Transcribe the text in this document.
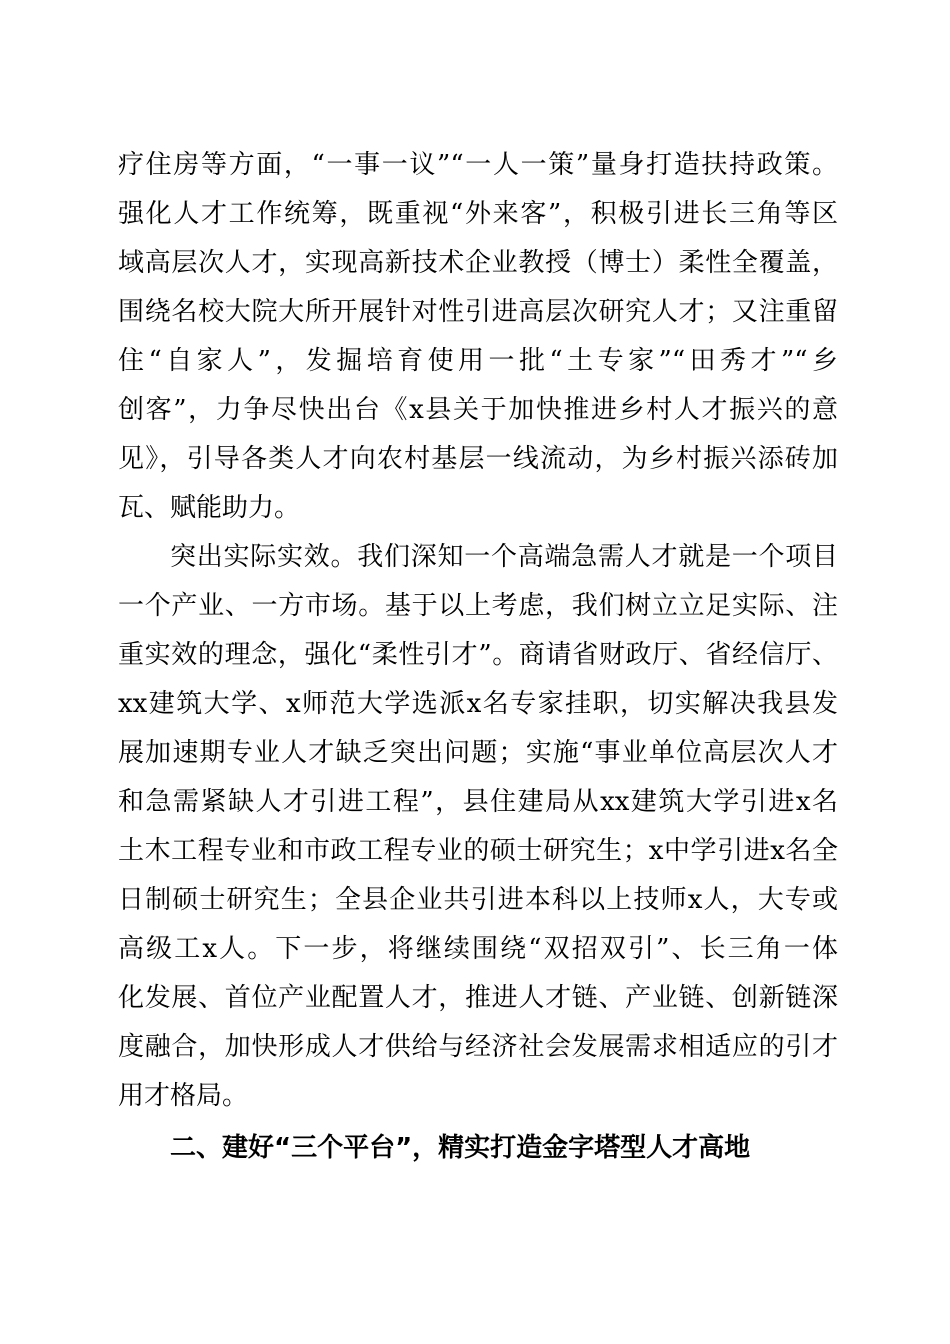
疗住房等方面，“一事一议”“一人一策”量身打造扶持政策。
强化人才工作统筹，既重视“外来客”，积极引进长三角等区
域高层次人才，实现高新技术企业教授（博士）柔性全覆盖，
围绕名校大院大所开展针对性引进高层次研究人才；又注重留
住“自家人”，发掘培育使用一批“土专家”“田秀才”“乡
创客”，力争尽快出台《x县关于加快推进乡村人才振兴的意
见》，引导各类人才向农村基层一线流动，为乡村振兴添砖加
瓦、赋能助力。
突出实际实效。我们深知一个高端急需人才就是一个项目
一个产业、一方市场。基于以上考虑，我们树立立足实际、注
重实效的理念，强化“柔性引才”。商请省财政厅、省经信厅、
xx建筑大学、x师范大学选派x名专家挂职，切实解决我县发
展加速期专业人才缺乏突出问题；实施“事业单位高层次人才
和急需紧缺人才引进工程”，县住建局从xx建筑大学引进x名
土木工程专业和市政工程专业的硕士研究生；x中学引进x名全
日制硕士研究生；全县企业共引进本科以上技师x人，大专或
高级工x人。下一步，将继续围绕“双招双引”、长三角一体
化发展、首位产业配置人才，推进人才链、产业链、创新链深
度融合，加快形成人才供给与经济社会发展需求相适应的引才
用才格局。
二、建好“三个平台”，精实打造金字塔型人才高地
